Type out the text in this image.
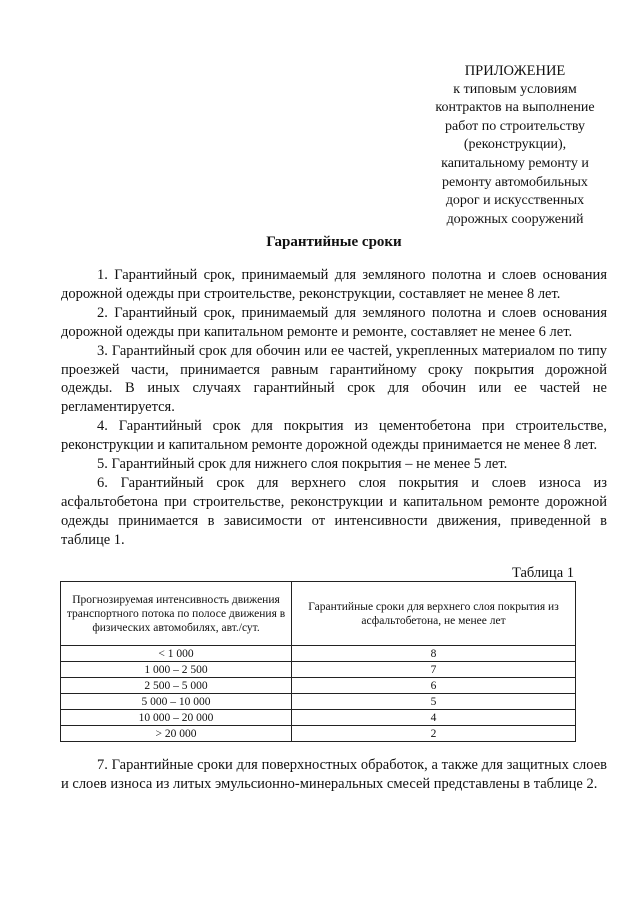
ПРИЛОЖЕНИЕ
к типовым условиям
контрактов на выполнение
работ по строительству
(реконструкции),
капитальному ремонту и
ремонту автомобильных
дорог и искусственных
дорожных сооружений
Гарантийные сроки

1. Гарантийный срок, принимаемый для земляного полотна и слоев основания дорожной одежды при строительстве, реконструкции, составляет не менее 8 лет.

2. Гарантийный срок, принимаемый для земляного полотна и слоев основания дорожной одежды при капитальном ремонте и ремонте, составляет не менее 6 лет.

3. Гарантийный срок для обочин или ее частей, укрепленных материалом по типу проезжей части, принимается равным гарантийному сроку покрытия дорожной одежды. В иных случаях гарантийный срок для обочин или ее частей не регламентируется.

4. Гарантийный срок для покрытия из цементобетона при строительстве, реконструкции и капитальном ремонте дорожной одежды принимается не менее 8 лет.

5. Гарантийный срок для нижнего слоя покрытия – не менее 5 лет.

6. Гарантийный срок для верхнего слоя покрытия и слоев износа из асфальтобетона при строительстве, реконструкции и капитальном ремонте дорожной одежды принимается в зависимости от интенсивности движения, приведенной в таблице 1.

Таблица 1
Прогнозируемая интенсивность движения транспортного потока по полосе движения в физических автомобилях, авт./сут.	Гарантийные сроки для верхнего слоя покрытия из асфальтобетона, не менее лет
< 1 000	8
1 000 – 2 500	7
2 500 – 5 000	6
5 000 – 10 000	5
10 000 – 20 000	4
> 20 000	2

7. Гарантийные сроки для поверхностных обработок, а также для защитных слоев и слоев износа из литых эмульсионно-минеральных смесей представлены в таблице 2.
